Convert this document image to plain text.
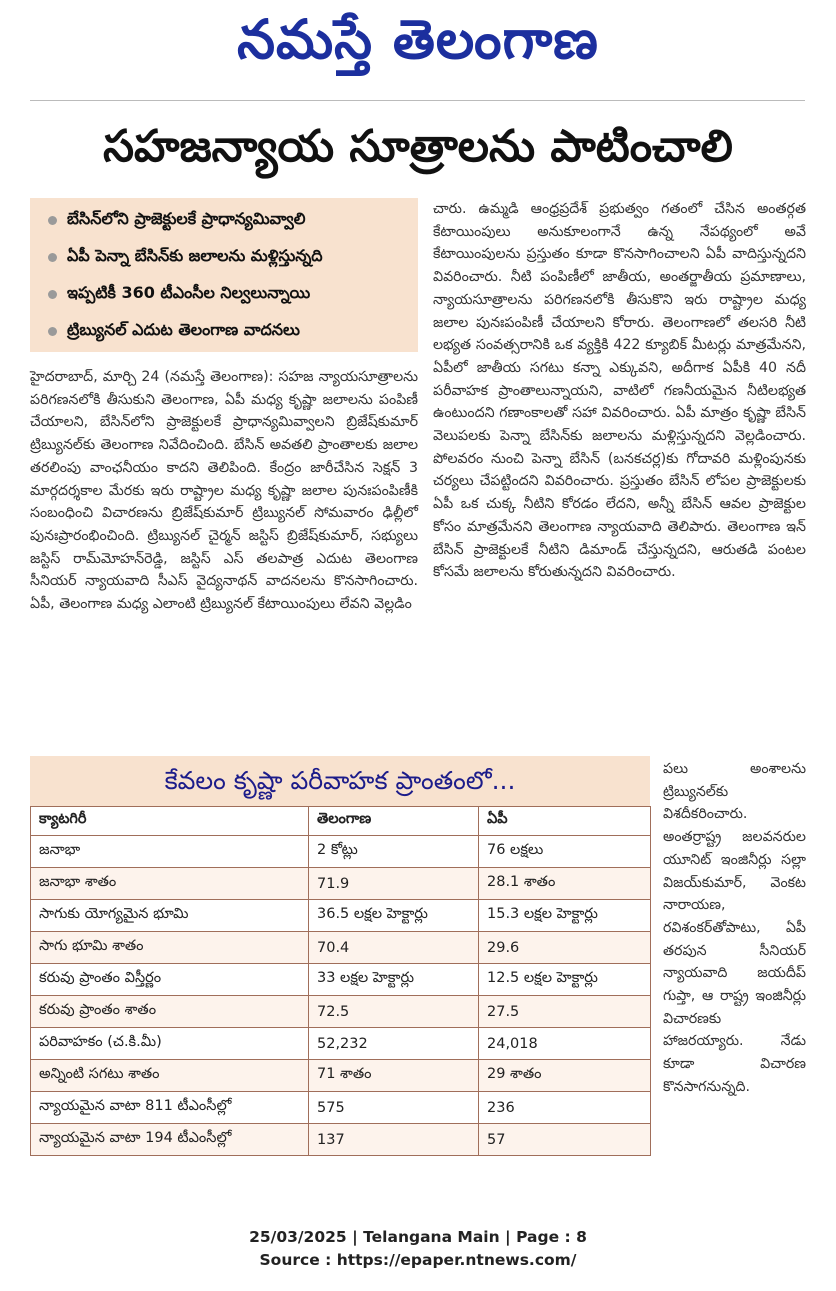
నమస్తే తెలంగాణ
సహజన్యాయ సూత్రాలను పాటించాలి
బేసిన్‌లోని ప్రాజెక్టులకే ప్రాధాన్యమివ్వాలి
ఏపీ పెన్నా బేసిన్‌కు జలాలను మళ్లిస్తున్నది
ఇప్పటికీ 360 టీఎంసీల నిల్వలున్నాయి
ట్రిబ్యునల్ ఎదుట తెలంగాణ వాదనలు

హైదరాబాద్, మార్చి 24 (నమస్తే తెలంగాణ): సహజ న్యాయసూత్రాలను పరిగణనలోకి తీసుకుని తెలంగాణ, ఏపీ మధ్య కృష్ణా జలాలను పంపిణీ చేయాలని, బేసిన్‌లోని ప్రాజెక్టులకే ప్రాధాన్యమివ్వాలని బ్రిజేష్‌కుమార్ ట్రిబ్యునల్‌కు తెలంగాణ నివేదించింది. బేసిన్ అవతలి ప్రాంతాలకు జలాల తరలింపు వాంఛనీయం కాదని తెలిపింది. కేంద్రం జారీచేసిన సెక్షన్ 3 మార్గదర్శకాల మేరకు ఇరు రాష్ట్రాల మధ్య కృష్ణా జలాల పునఃపంపిణీకి సంబంధించి విచారణను బ్రిజేష్‌కుమార్ ట్రిబ్యునల్ సోమవారం ఢిల్లీలో పునఃప్రారంభించింది. ట్రిబ్యునల్ చైర్మన్ జస్టిస్ బ్రిజేష్‌కుమార్, సభ్యులు జస్టిస్ రామ్‌మోహన్‌రెడ్డి, జస్టిస్ ఎస్ తలపాత్ర ఎదుట తెలంగాణ సీనియర్ న్యాయవాది సీఎస్ వైద్యనాథన్ వాదనలను కొనసాగించారు. ఏపీ, తెలంగాణ మధ్య ఎలాంటి ట్రిబ్యునల్ కేటాయింపులు లేవని వెల్లడిం

చారు. ఉమ్మడి ఆంధ్రప్రదేశ్ ప్రభుత్వం గతంలో చేసిన అంతర్గత కేటాయింపులు అనుకూలంగానే ఉన్న నేపథ్యంలో అవే కేటాయింపులను ప్రస్తుతం కూడా కొనసాగించాలని ఏపీ వాదిస్తున్నదని వివరించారు. నీటి పంపిణీలో జాతీయ, అంతర్జాతీయ ప్రమాణాలు, న్యాయసూత్రాలను పరిగణనలోకి తీసుకొని ఇరు రాష్ట్రాల మధ్య జలాల పునఃపంపిణీ చేయాలని కోరారు. తెలంగాణలో తలసరి నీటి లభ్యత సంవత్సరానికి ఒక వ్యక్తికి 422 క్యూబిక్ మీటర్లు మాత్రమేనని, ఏపీలో జాతీయ సగటు కన్నా ఎక్కువని, అదీగాక ఏపీకి 40 నదీ పరీవాహక ప్రాంతాలున్నాయని, వాటిలో గణనీయమైన నీటిలభ్యత ఉంటుందని గణాంకాలతో సహా వివరించారు. ఏపీ మాత్రం కృష్ణా బేసిన్ వెలుపలకు పెన్నా బేసిన్‌కు జలాలను మళ్లిస్తున్నదని వెల్లడించారు. పోలవరం నుంచి పెన్నా బేసిన్ (బనకచర్ల)కు గోదావరి మళ్లింపునకు చర్యలు చేపట్టిందని వివరించారు. ప్రస్తుతం బేసిన్ లోపల ప్రాజెక్టులకు ఏపీ ఒక చుక్క నీటిని కోరడం లేదని, అన్నీ బేసిన్ ఆవల ప్రాజెక్టుల కోసం మాత్రమేనని తెలంగాణ న్యాయవాది తెలిపారు. తెలంగాణ ఇన్ బేసిన్ ప్రాజెక్టులకే నీటిని డిమాండ్ చేస్తున్నదని, ఆరుతడి పంటల కోసమే జలాలను కోరుతున్నదని వివరించారు.

పలు అంశాలను ట్రిబ్యునల్‌కు విశదీకరించారు. అంతర్రాష్ట్ర జలవనరుల యూనిట్ ఇంజినీర్లు సల్లా విజయ్‌కుమార్, వెంకట నారాయణ, రవిశంకర్‌తోపాటు, ఏపీ తరపున సీనియర్ న్యాయవాది జయదీప్ గుప్తా, ఆ రాష్ట్ర ఇంజినీర్లు విచారణకు హాజరయ్యారు. నేడు కూడా విచారణ కొనసాగనున్నది.

కేవలం కృష్ణా పరీవాహక ప్రాంతంలో...
క్యాటగిరీ	తెలంగాణ	ఏపీ
జనాభా	2 కోట్లు	76 లక్షలు
జనాభా శాతం	71.9	28.1 శాతం
సాగుకు యోగ్యమైన భూమి	36.5 లక్షల హెక్టార్లు	15.3 లక్షల హెక్టార్లు
సాగు భూమి శాతం	70.4	29.6
కరువు ప్రాంతం విస్తీర్ణం	33 లక్షల హెక్టార్లు	12.5 లక్షల హెక్టార్లు
కరువు ప్రాంతం శాతం	72.5	27.5
పరివాహకం (చ.కి.మీ)	52,232	24,018
అన్నింటి సగటు శాతం	71 శాతం	29 శాతం
న్యాయమైన వాటా 811 టీఎంసీల్లో	575	236
న్యాయమైన వాటా 194 టీఎంసీల్లో	137	57
25/03/2025 | Telangana Main | Page : 8
Source : https://epaper.ntnews.com/
